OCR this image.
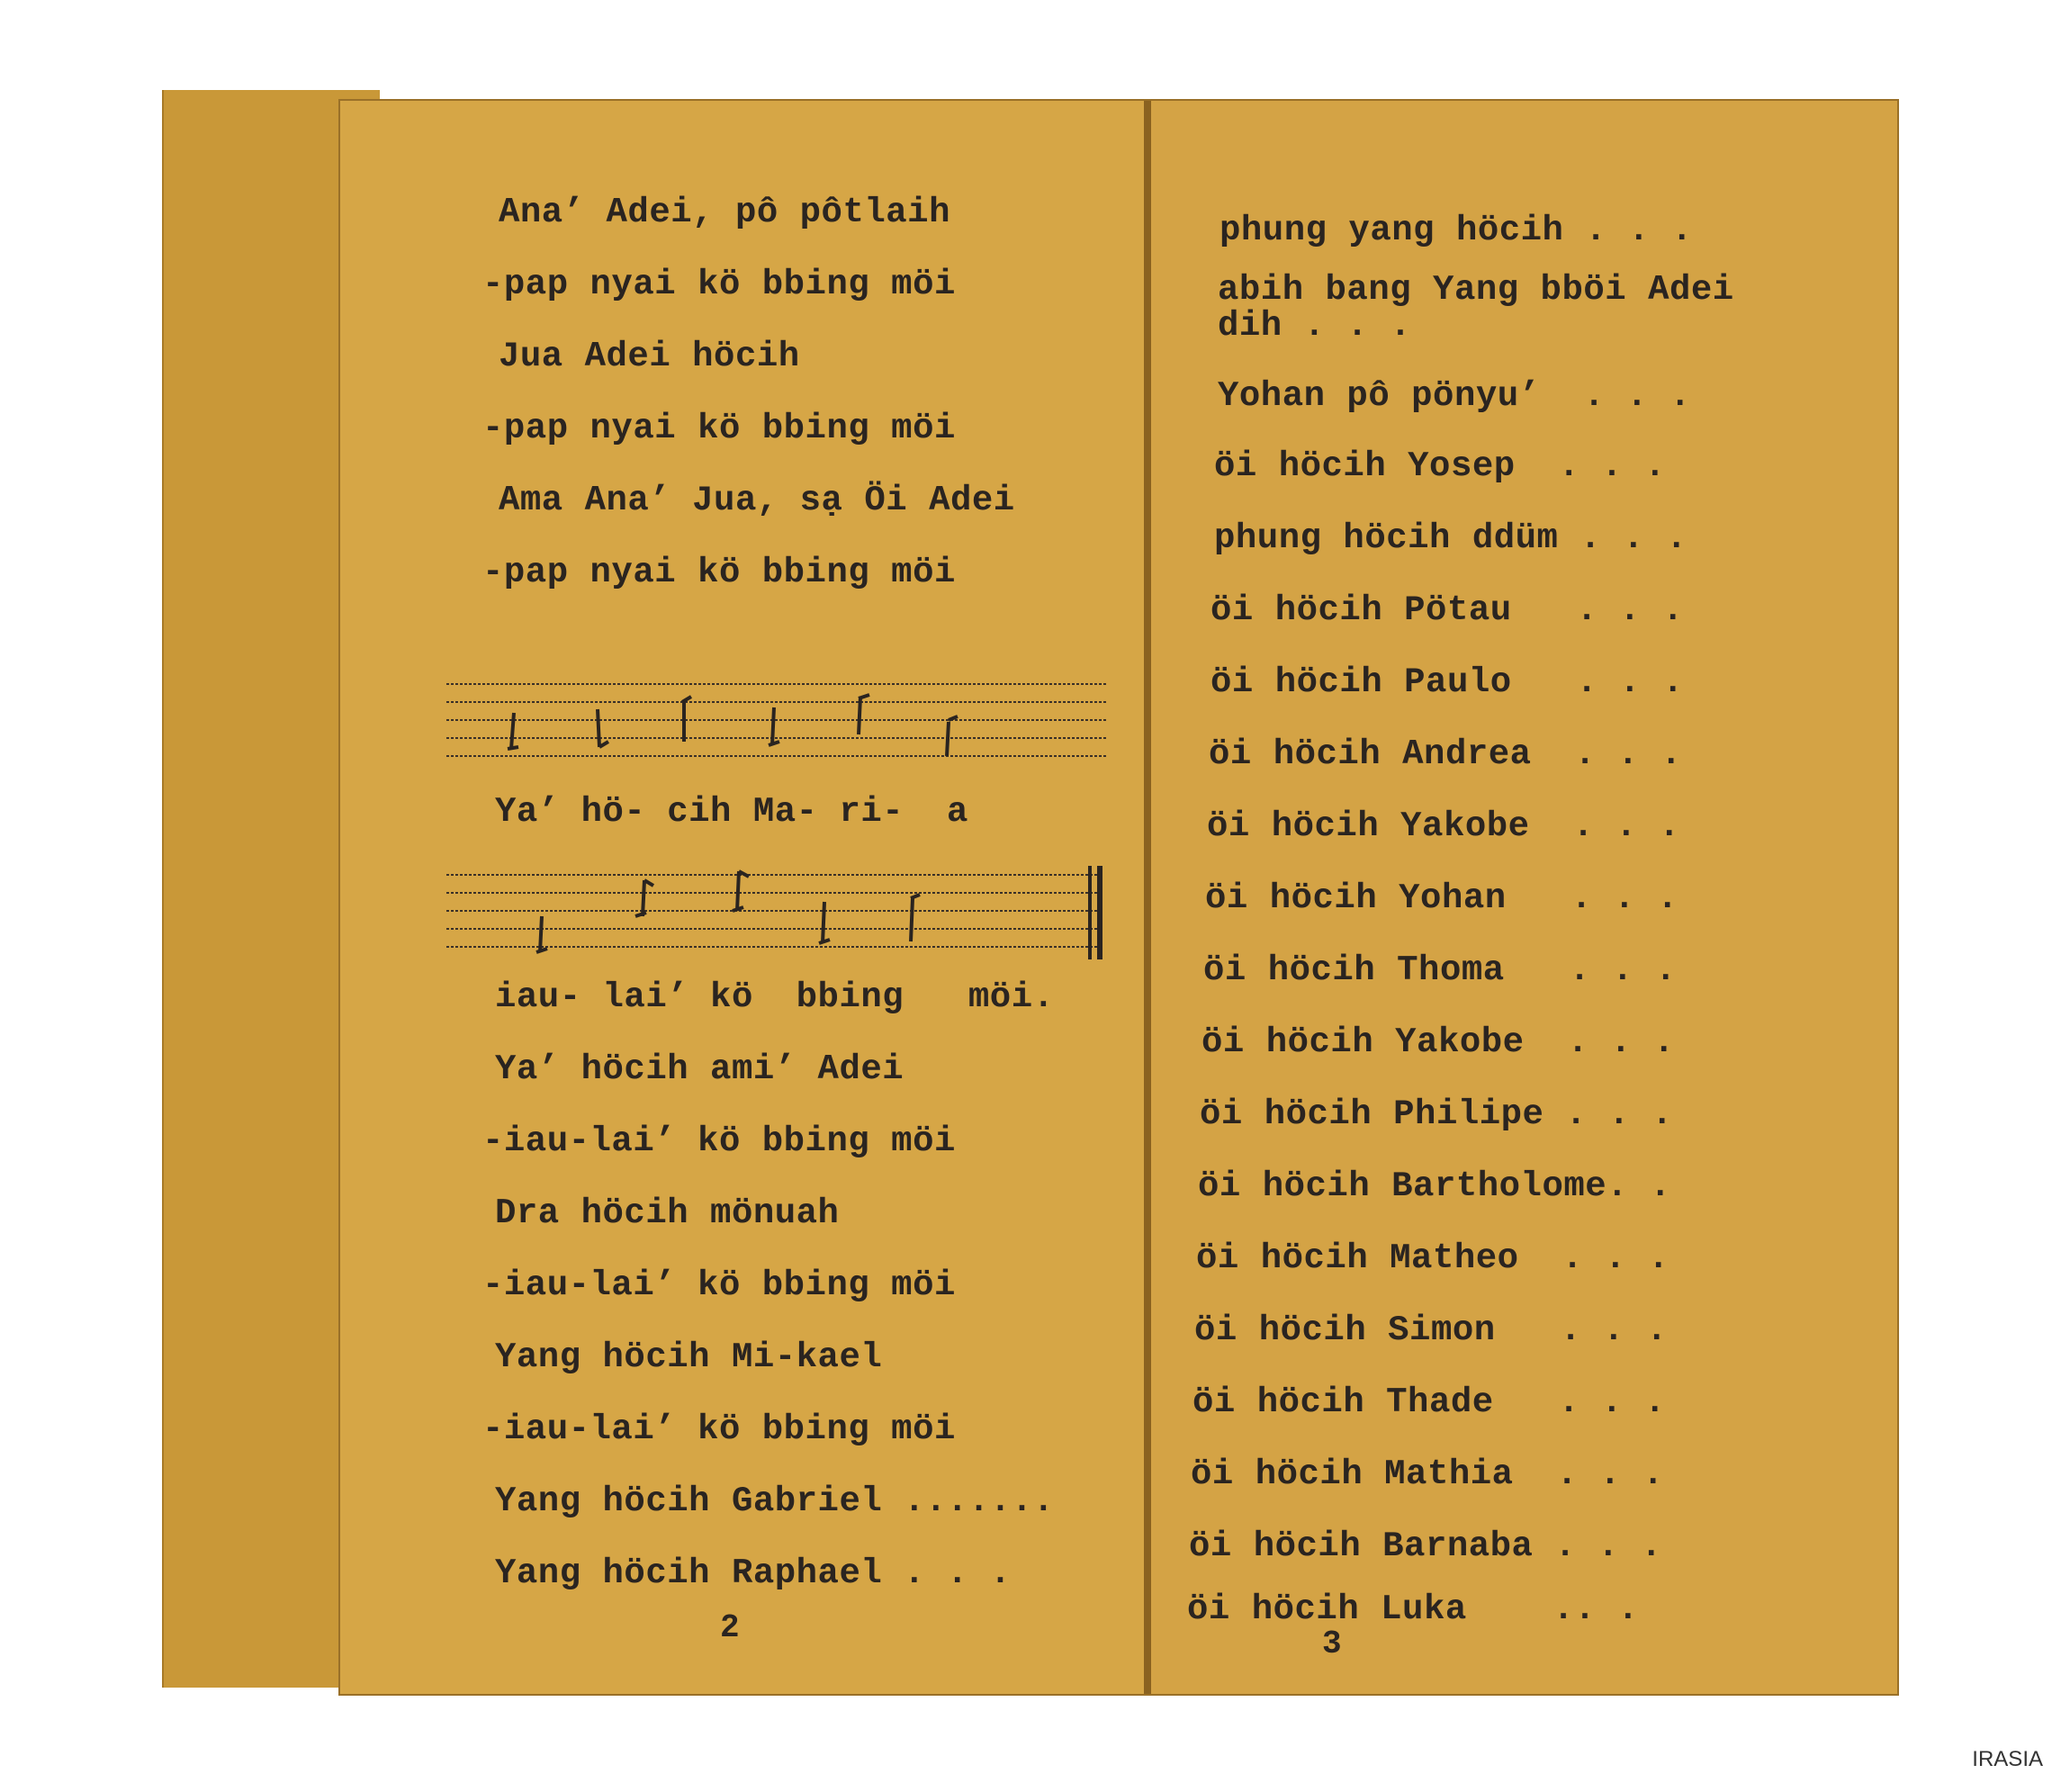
Ana’ Adei, pô pôtlaih
-pap nyai kö bbing möi
Jua Adei höcih
-pap nyai kö bbing möi
Ama Ana’ Jua, sạ Öi Adei
-pap nyai kö bbing möi
Ya’ hö- cih Ma- ri-  a
iau- lai’ kö  bbing   möi.
Ya’ höcih ami’ Adei
-iau-lai’ kö bbing möi
Dra höcih mönuah
-iau-lai’ kö bbing möi
Yang höcih Mi-kael
-iau-lai’ kö bbing möi
Yang höcih Gabriel .......
Yang höcih Raphael . . .
2
phung yang höcih . . .
abih bang Yang bböi Adei
dih . . .
Yohan pô pönyu’  . . .
öi höcih Yosep  . . .
phung höcih ddüm . . .
öi höcih Pötau   . . .
öi höcih Paulo   . . .
öi höcih Andrea  . . .
öi höcih Yakobe  . . .
öi höcih Yohan   . . .
öi höcih Thoma   . . .
öi höcih Yakobe  . . .
öi höcih Philipe . . .
öi höcih Bartholome. .
öi höcih Matheo  . . .
öi höcih Simon   . . .
öi höcih Thade   . . .
öi höcih Mathia  . . .
öi höcih Barnaba . . .
öi höcih Luka    .. .
3
IRASIA
